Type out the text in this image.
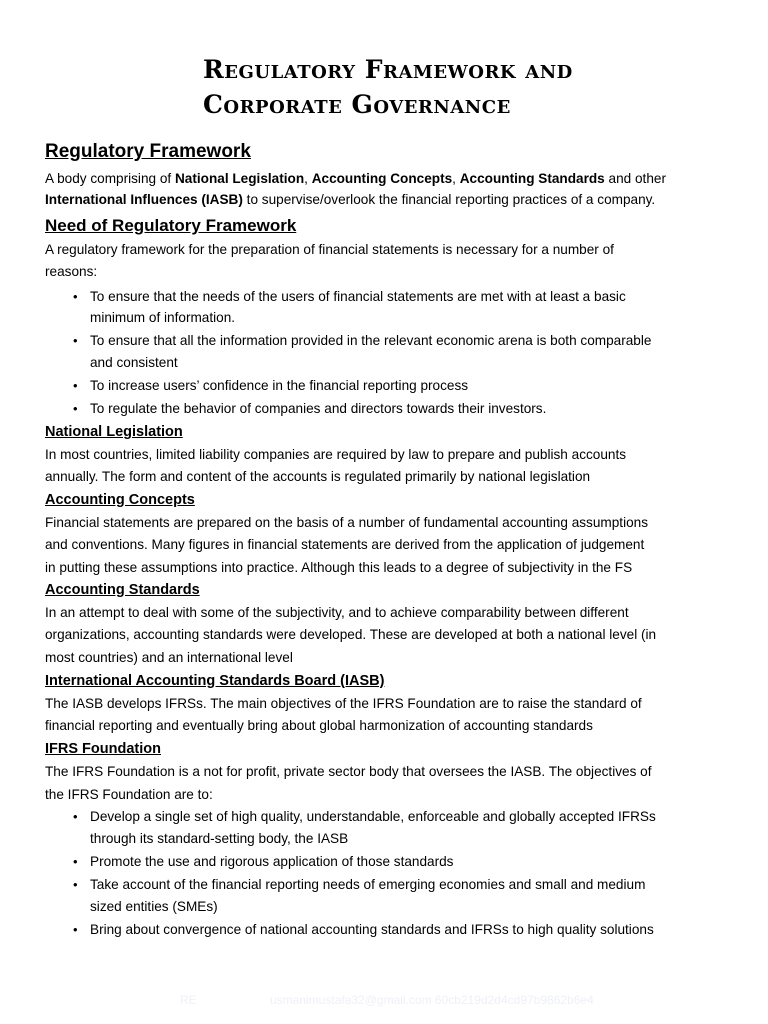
Regulatory Framework and
Corporate Governance
Regulatory Framework
A body comprising of National Legislation, Accounting Concepts, Accounting Standards and other
International Influences (IASB) to supervise/overlook the financial reporting practices of a company.
Need of Regulatory Framework
A regulatory framework for the preparation of financial statements is necessary for a number of
reasons:
• To ensure that the needs of the users of financial statements are met with at least a basic
minimum of information.
• To ensure that all the information provided in the relevant economic arena is both comparable
and consistent
• To increase users’ confidence in the financial reporting process
• To regulate the behavior of companies and directors towards their investors.
National Legislation
In most countries, limited liability companies are required by law to prepare and publish accounts
annually. The form and content of the accounts is regulated primarily by national legislation
Accounting Concepts
Financial statements are prepared on the basis of a number of fundamental accounting assumptions
and conventions. Many figures in financial statements are derived from the application of judgement
in putting these assumptions into practice. Although this leads to a degree of subjectivity in the FS
Accounting Standards
In an attempt to deal with some of the subjectivity, and to achieve comparability between different
organizations, accounting standards were developed. These are developed at both a national level (in
most countries) and an international level
International Accounting Standards Board (IASB)
The IASB develops IFRSs. The main objectives of the IFRS Foundation are to raise the standard of
financial reporting and eventually bring about global harmonization of accounting standards
IFRS Foundation
The IFRS Foundation is a not for profit, private sector body that oversees the IASB. The objectives of
the IFRS Foundation are to:
• Develop a single set of high quality, understandable, enforceable and globally accepted IFRSs
through its standard-setting body, the IASB
• Promote the use and rigorous application of those standards
• Take account of the financial reporting needs of emerging economies and small and medium
sized entities (SMEs)
• Bring about convergence of national accounting standards and IFRSs to high quality solutions
RE	usmanimustafa32@gmail.com 60cb219d2d4cd97b9862b6e4
